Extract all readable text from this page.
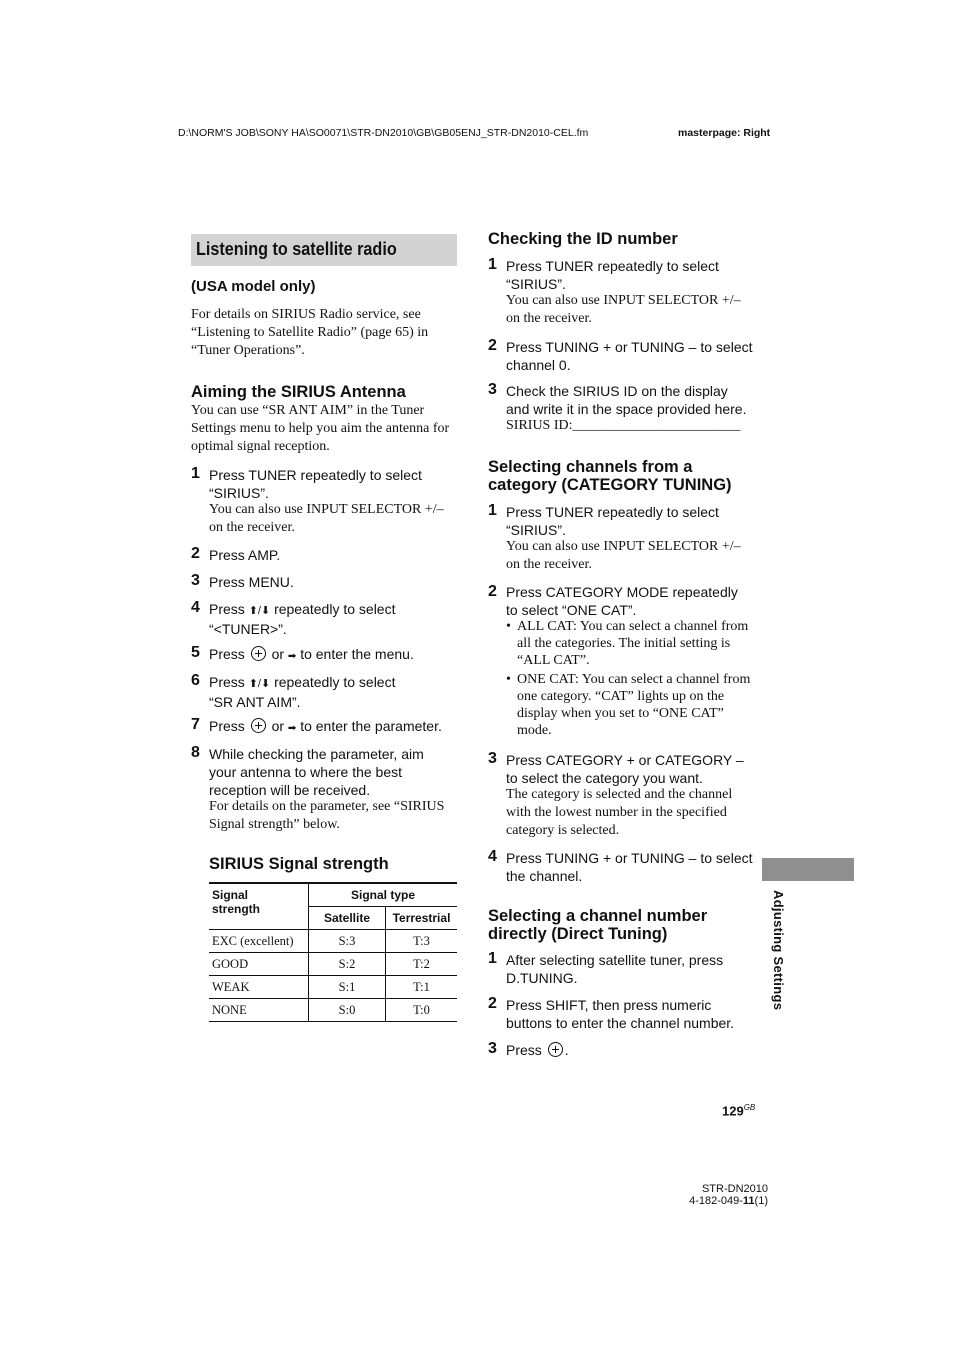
D:\NORM'S JOB\SONY HA\SO0071\STR-DN2010\GB\GB05ENJ_STR-DN2010-CEL.fm	masterpage: Right
Listening to satellite radio
(USA model only)
For details on SIRIUS Radio service, see
“Listening to Satellite Radio” (page 65) in
“Tuner Operations”.
Aiming the SIRIUS Antenna
You can use “SR ANT AIM” in the Tuner
Settings menu to help you aim the antenna for
optimal signal reception.
1 Press TUNER repeatedly to select
“SIRIUS”.
You can also use INPUT SELECTOR +/–
on the receiver.
2 Press AMP.
3 Press MENU.
4 Press ⬆/⬇ repeatedly to select
“<TUNER>”.
5 Press  or ➡ to enter the menu.
6 Press ⬆/⬇ repeatedly to select
“SR ANT AIM”.
7 Press  or ➡ to enter the parameter.
8 While checking the parameter, aim
your antenna to where the best
reception will be received.
For details on the parameter, see “SIRIUS
Signal strength” below.
SIRIUS Signal strength
Signal
strength	Signal type	
	Satellite	Terrestrial
EXC (excellent)	S:3	T:3
GOOD	S:2	T:2
WEAK	S:1	T:1
NONE	S:0	T:0
Checking the ID number
1 Press TUNER repeatedly to select
“SIRIUS”.
You can also use INPUT SELECTOR +/–
on the receiver.
2 Press TUNING + or TUNING – to select
channel 0.
3 Check the SIRIUS ID on the display
and write it in the space provided here.
SIRIUS ID:________________________
Selecting channels from a
category (CATEGORY TUNING)
1 Press TUNER repeatedly to select
“SIRIUS”.
You can also use INPUT SELECTOR +/–
on the receiver.
2 Press CATEGORY MODE repeatedly
to select “ONE CAT”.
• ALL CAT: You can select a channel from
all the categories. The initial setting is
“ALL CAT”.
• ONE CAT: You can select a channel from
one category. “CAT” lights up on the
display when you set to “ONE CAT”
mode.
3 Press CATEGORY + or CATEGORY –
to select the category you want.
The category is selected and the channel
with the lowest number in the specified
category is selected.
4 Press TUNING + or TUNING – to select
the channel.
Selecting a channel number
directly (Direct Tuning)
1 After selecting satellite tuner, press
D.TUNING.
2 Press SHIFT, then press numeric
buttons to enter the channel number.
3 Press .
Adjusting Settings
$129^{GB}$
STR-DN2010
4-182-049-11(1)
